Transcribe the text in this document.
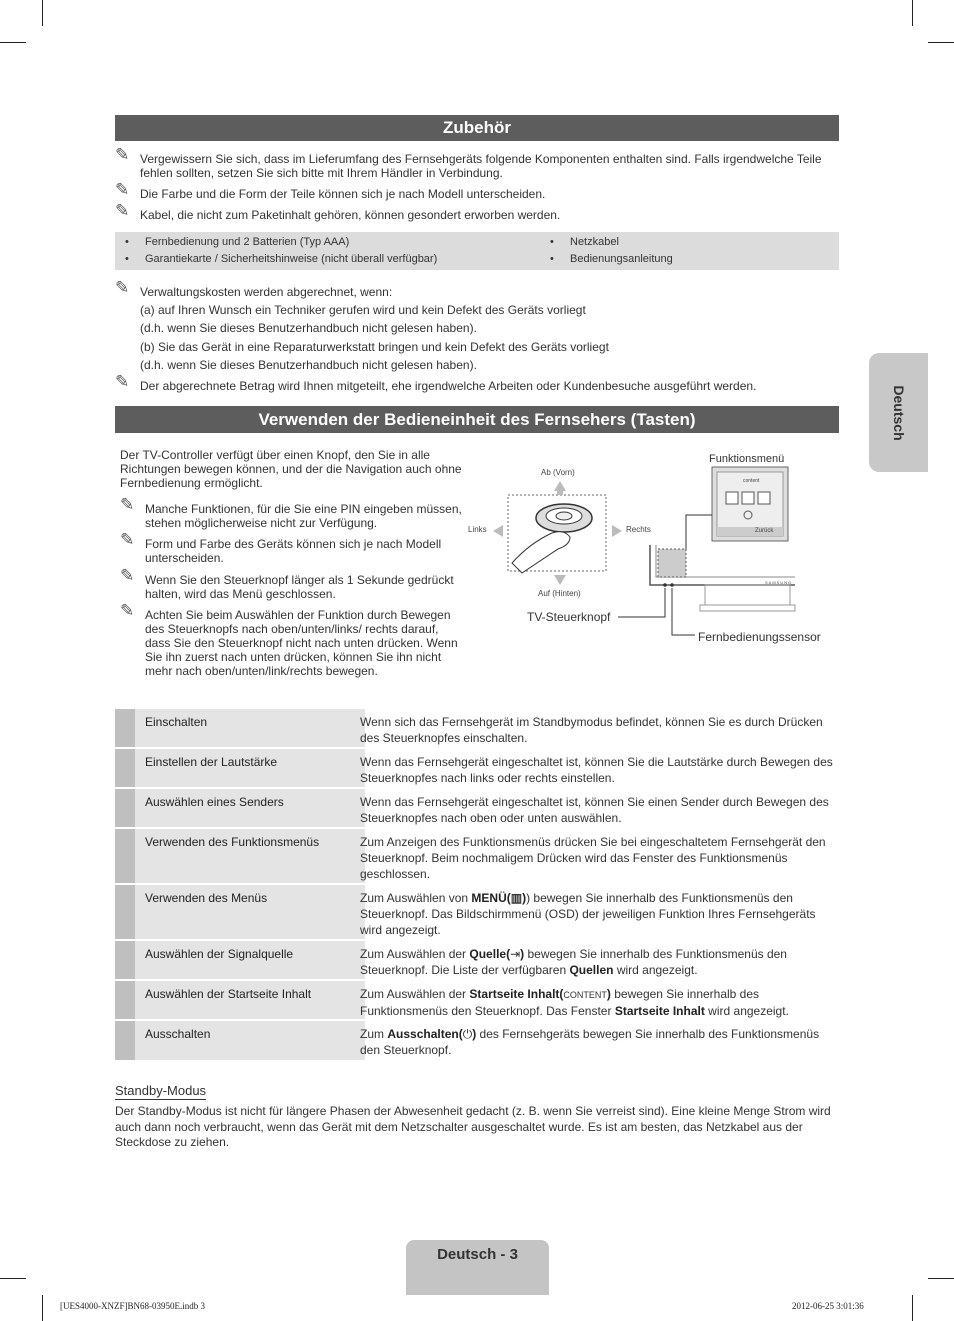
Zubehör
✎ Vergewissern Sie sich, dass im Lieferumfang des Fernsehgeräts folgende Komponenten enthalten sind. Falls irgendwelche Teile fehlen sollten, setzen Sie sich bitte mit Ihrem Händler in Verbindung.
✎ Die Farbe und die Form der Teile können sich je nach Modell unterscheiden.
✎ Kabel, die nicht zum Paketinhalt gehören, können gesondert erworben werden.
• Fernbedienung und 2 Batterien (Typ AAA)
• Garantiekarte / Sicherheitshinweise (nicht überall verfügbar)
• Netzkabel
• Bedienungsanleitung
✎ Verwaltungskosten werden abgerechnet, wenn:
(a) auf Ihren Wunsch ein Techniker gerufen wird und kein Defekt des Geräts vorliegt
(d.h. wenn Sie dieses Benutzerhandbuch nicht gelesen haben).
(b) Sie das Gerät in eine Reparaturwerkstatt bringen und kein Defekt des Geräts vorliegt
(d.h. wenn Sie dieses Benutzerhandbuch nicht gelesen haben).
✎ Der abgerechnete Betrag wird Ihnen mitgeteilt, ehe irgendwelche Arbeiten oder Kundenbesuche ausgeführt werden.	Deutsch
Verwenden der Bedieneinheit des Fernsehers (Tasten)
Der TV-Controller verfügt über einen Knopf, den Sie in alle Richtungen bewegen können, und der die Navigation auch ohne Fernbedienung ermöglicht.
✎ Manche Funktionen, für die Sie eine PIN eingeben müssen, stehen möglicherweise nicht zur Verfügung.
✎ Form und Farbe des Geräts können sich je nach Modell unterscheiden.
✎ Wenn Sie den Steuerknopf länger als 1 Sekunde gedrückt halten, wird das Menü geschlossen.
✎ Achten Sie beim Auswählen der Funktion durch Bewegen des Steuerknopfs nach oben/unten/links/ rechts darauf, dass Sie den Steuerknopf nicht nach unten drücken. Wenn Sie ihn zuerst nach unten drücken, können Sie ihn nicht mehr nach oben/unten/link/rechts bewegen.
Ab (Vorn)
Auf (Hinten)
Links	Rechts
Funktionsmenü
content
Zurück
SAMSUNG
TV-Steuerknopf
Fernbedienungssensor
Einschalten	Wenn sich das Fernsehgerät im Standbymodus befindet, können Sie es durch Drücken des Steuerknopfes einschalten.
Einstellen der Lautstärke	Wenn das Fernsehgerät eingeschaltet ist, können Sie die Lautstärke durch Bewegen des Steuerknopfes nach links oder rechts einstellen.
Auswählen eines Senders	Wenn das Fernsehgerät eingeschaltet ist, können Sie einen Sender durch Bewegen des Steuerknopfes nach oben oder unten auswählen.
Verwenden des Funktionsmenüs	Zum Anzeigen des Funktionsmenüs drücken Sie bei eingeschaltetem Fernsehgerät den Steuerknopf. Beim nochmaligem Drücken wird das Fenster des Funktionsmenüs geschlossen.
Verwenden des Menüs	Zum Auswählen von MENÜ(▥)) bewegen Sie innerhalb des Funktionsmenüs den Steuerknopf. Das Bildschirmmenü (OSD) der jeweiligen Funktion Ihres Fernsehgeräts wird angezeigt.
Auswählen der Signalquelle	Zum Auswählen der Quelle(⇥) bewegen Sie innerhalb des Funktionsmenüs den Steuerknopf. Die Liste der verfügbaren Quellen wird angezeigt.
Auswählen der Startseite Inhalt	Zum Auswählen der Startseite Inhalt(CONTENT) bewegen Sie innerhalb des Funktionsmenüs den Steuerknopf. Das Fenster Startseite Inhalt wird angezeigt.
Ausschalten	Zum Ausschalten(⏻) des Fernsehgeräts bewegen Sie innerhalb des Funktionsmenüs den Steuerknopf.
Standby-Modus
Der Standby-Modus ist nicht für längere Phasen der Abwesenheit gedacht (z. B. wenn Sie verreist sind). Eine kleine Menge Strom wird auch dann noch verbraucht, wenn das Gerät mit dem Netzschalter ausgeschaltet wurde. Es ist am besten, das Netzkabel aus der Steckdose zu ziehen.
Deutsch - 3
[UES4000-XNZF]BN68-03950E.indb 3	2012-06-25 3:01:36
